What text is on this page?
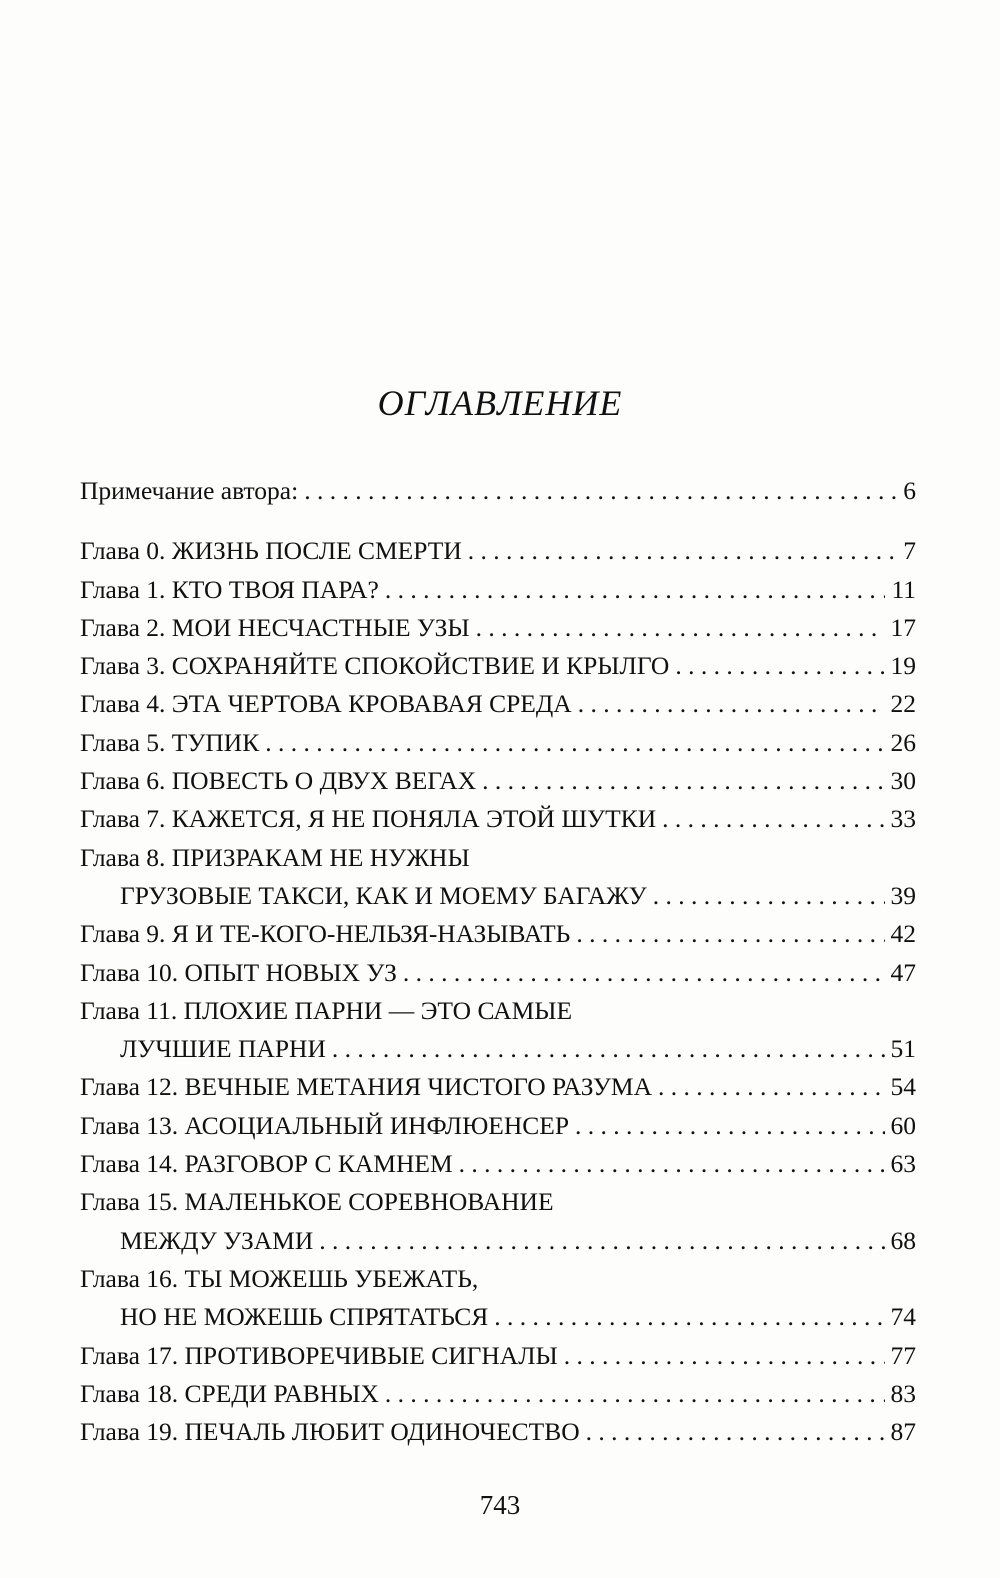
ОГЛАВЛЕНИЕ
Примечание автора: . . .	6
Глава 0. ЖИЗНЬ ПОСЛЕ СМЕРТИ . . .	7
Глава 1. КТО ТВОЯ ПАРА? . . .	11
Глава 2. МОИ НЕСЧАСТНЫЕ УЗЫ . . .	17
Глава 3. СОХРАНЯЙТЕ СПОКОЙСТВИЕ И КРЫЛГО . . .	19
Глава 4. ЭТА ЧЕРТОВА КРОВАВАЯ СРЕДА . . .	22
Глава 5. ТУПИК . . .	26
Глава 6. ПОВЕСТЬ О ДВУХ ВЕГАХ . . .	30
Глава 7. КАЖЕТСЯ, Я НЕ ПОНЯЛА ЭТОЙ ШУТКИ . . .	33
Глава 8. ПРИЗРАКАМ НЕ НУЖНЫ
ГРУЗОВЫЕ ТАКСИ, КАК И МОЕМУ БАГАЖУ . . .	39
Глава 9. Я И ТЕ-КОГО-НЕЛЬЗЯ-НАЗЫВАТЬ . . .	42
Глава 10. ОПЫТ НОВЫХ УЗ . . .	47
Глава 11. ПЛОХИЕ ПАРНИ — ЭТО САМЫЕ
ЛУЧШИЕ ПАРНИ . . .	51
Глава 12. ВЕЧНЫЕ МЕТАНИЯ ЧИСТОГО РАЗУМА . . .	54
Глава 13. АСОЦИАЛЬНЫЙ ИНФЛЮЕНСЕР . . .	60
Глава 14. РАЗГОВОР С КАМНЕМ . . .	63
Глава 15. МАЛЕНЬКОЕ СОРЕВНОВАНИЕ
МЕЖДУ УЗАМИ . . .	68
Глава 16. ТЫ МОЖЕШЬ УБЕЖАТЬ,
НО НЕ МОЖЕШЬ СПРЯТАТЬСЯ . . .	74
Глава 17. ПРОТИВОРЕЧИВЫЕ СИГНАЛЫ . . .	77
Глава 18. СРЕДИ РАВНЫХ . . .	83
Глава 19. ПЕЧАЛЬ ЛЮБИТ ОДИНОЧЕСТВО . . .	87
743
